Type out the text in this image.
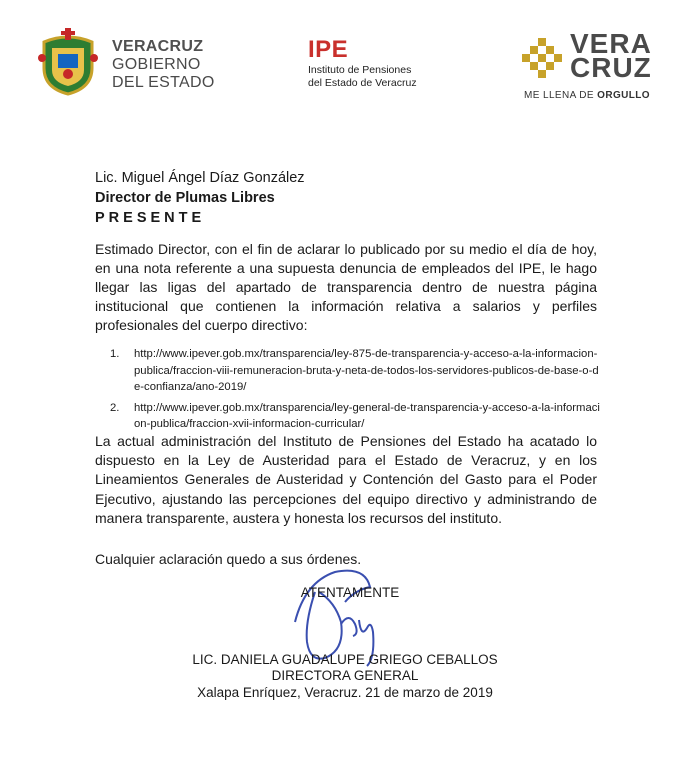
VERACRUZ
GOBIERNO
DEL ESTADO
IPE
Instituto de Pensiones
del Estado de Veracruz
VERA
CRUZ
ME LLENA DE ORGULLO
Lic. Miguel Ángel Díaz González
Director de Plumas Libres
PRESENTE

Estimado Director, con el fin de aclarar lo publicado por su medio el día de hoy, en una nota referente a una supuesta denuncia de empleados del IPE, le hago llegar las ligas del apartado de transparencia dentro de nuestra página institucional que contienen la información relativa a salarios y perfiles profesionales del cuerpo directivo:

1. http://www.ipever.gob.mx/transparencia/ley-875-de-transparencia-y-acceso-a-la-informacion-publica/fraccion-viii-remuneracion-bruta-y-neta-de-todos-los-servidores-publicos-de-base-o-de-confianza/ano-2019/
2. http://www.ipever.gob.mx/transparencia/ley-general-de-transparencia-y-acceso-a-la-informacion-publica/fraccion-xvii-informacion-curricular/

La actual administración del Instituto de Pensiones del Estado ha acatado lo dispuesto en la Ley de Austeridad para el Estado de Veracruz, y en los Lineamientos Generales de Austeridad y Contención del Gasto para el Poder Ejecutivo, ajustando las percepciones del equipo directivo y administrando de manera transparente, austera y honesta los recursos del instituto.

Cualquier aclaración quedo a sus órdenes.

ATENTAMENTE
LIC. DANIELA GUADALUPE GRIEGO CEBALLOS
DIRECTORA GENERAL
Xalapa Enríquez, Veracruz. 21 de marzo de 2019
